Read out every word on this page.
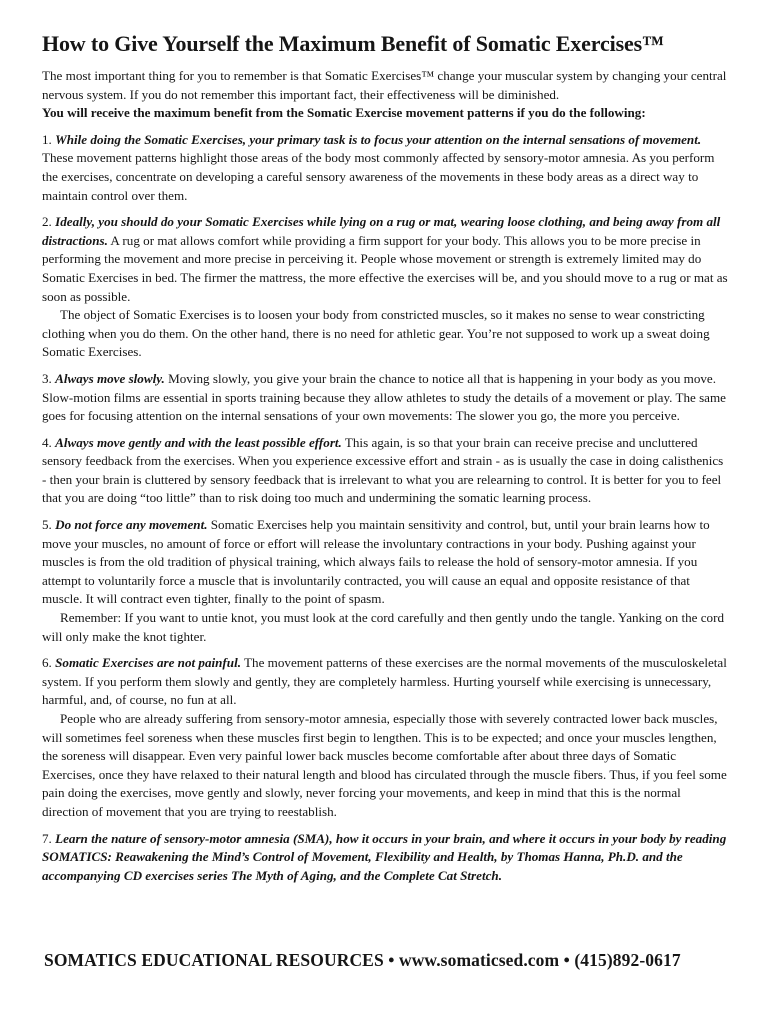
How to Give Yourself the Maximum Benefit of Somatic Exercises™

The most important thing for you to remember is that Somatic Exercises™ change your muscular system by changing your central nervous system. If you do not remember this important fact, their effectiveness will be diminished.

You will receive the maximum benefit from the Somatic Exercise movement patterns if you do the following:

1. While doing the Somatic Exercises, your primary task is to focus your attention on the internal sensations of movement. These movement patterns highlight those areas of the body most commonly affected by sensory-motor amnesia. As you perform the exercises, concentrate on developing a careful sensory awareness of the movements in these body areas as a direct way to maintain control over them.

2. Ideally, you should do your Somatic Exercises while lying on a rug or mat, wearing loose clothing, and being away from all distractions. A rug or mat allows comfort while providing a firm support for your body. This allows you to be more precise in performing the movement and more precise in perceiving it. People whose movement or strength is extremely limited may do Somatic Exercises in bed. The firmer the mattress, the more effective the exercises will be, and you should move to a rug or mat as soon as possible.

The object of Somatic Exercises is to loosen your body from constricted muscles, so it makes no sense to wear constricting clothing when you do them. On the other hand, there is no need for athletic gear. You’re not supposed to work up a sweat doing Somatic Exercises.

3. Always move slowly. Moving slowly, you give your brain the chance to notice all that is happening in your body as you move. Slow-motion films are essential in sports training because they allow athletes to study the details of a movement or play. The same goes for focusing attention on the internal sensations of your own movements: The slower you go, the more you perceive.

4. Always move gently and with the least possible effort. This again, is so that your brain can receive precise and uncluttered sensory feedback from the exercises. When you experience excessive effort and strain - as is usually the case in doing calisthenics - then your brain is cluttered by sensory feedback that is irrelevant to what you are relearning to control. It is better for you to feel that you are doing “too little” than to risk doing too much and undermining the somatic learning process.

5. Do not force any movement. Somatic Exercises help you maintain sensitivity and control, but, until your brain learns how to move your muscles, no amount of force or effort will release the involuntary contractions in your body. Pushing against your muscles is from the old tradition of physical training, which always fails to release the hold of sensory-motor amnesia. If you attempt to voluntarily force a muscle that is involuntarily contracted, you will cause an equal and opposite resistance of that muscle. It will contract even tighter, finally to the point of spasm.

Remember: If you want to untie knot, you must look at the cord carefully and then gently undo the tangle. Yanking on the cord will only make the knot tighter.

6. Somatic Exercises are not painful. The movement patterns of these exercises are the normal movements of the musculoskeletal system. If you perform them slowly and gently, they are completely harmless. Hurting yourself while exercising is unnecessary, harmful, and, of course, no fun at all.

People who are already suffering from sensory-motor amnesia, especially those with severely contracted lower back muscles, will sometimes feel soreness when these muscles first begin to lengthen. This is to be expected; and once your muscles lengthen, the soreness will disappear. Even very painful lower back muscles become comfortable after about three days of Somatic Exercises, once they have relaxed to their natural length and blood has circulated through the muscle fibers. Thus, if you feel some pain doing the exercises, move gently and slowly, never forcing your movements, and keep in mind that this is the normal direction of movement that you are trying to reestablish.

7. Learn the nature of sensory-motor amnesia (SMA), how it occurs in your brain, and where it occurs in your body by reading SOMATICS: Reawakening the Mind’s Control of Movement, Flexibility and Health, by Thomas Hanna, Ph.D. and the accompanying CD exercises series The Myth of Aging, and the Complete Cat Stretch.

SOMATICS EDUCATIONAL RESOURCES • www.somaticsed.com • (415)892-0617
